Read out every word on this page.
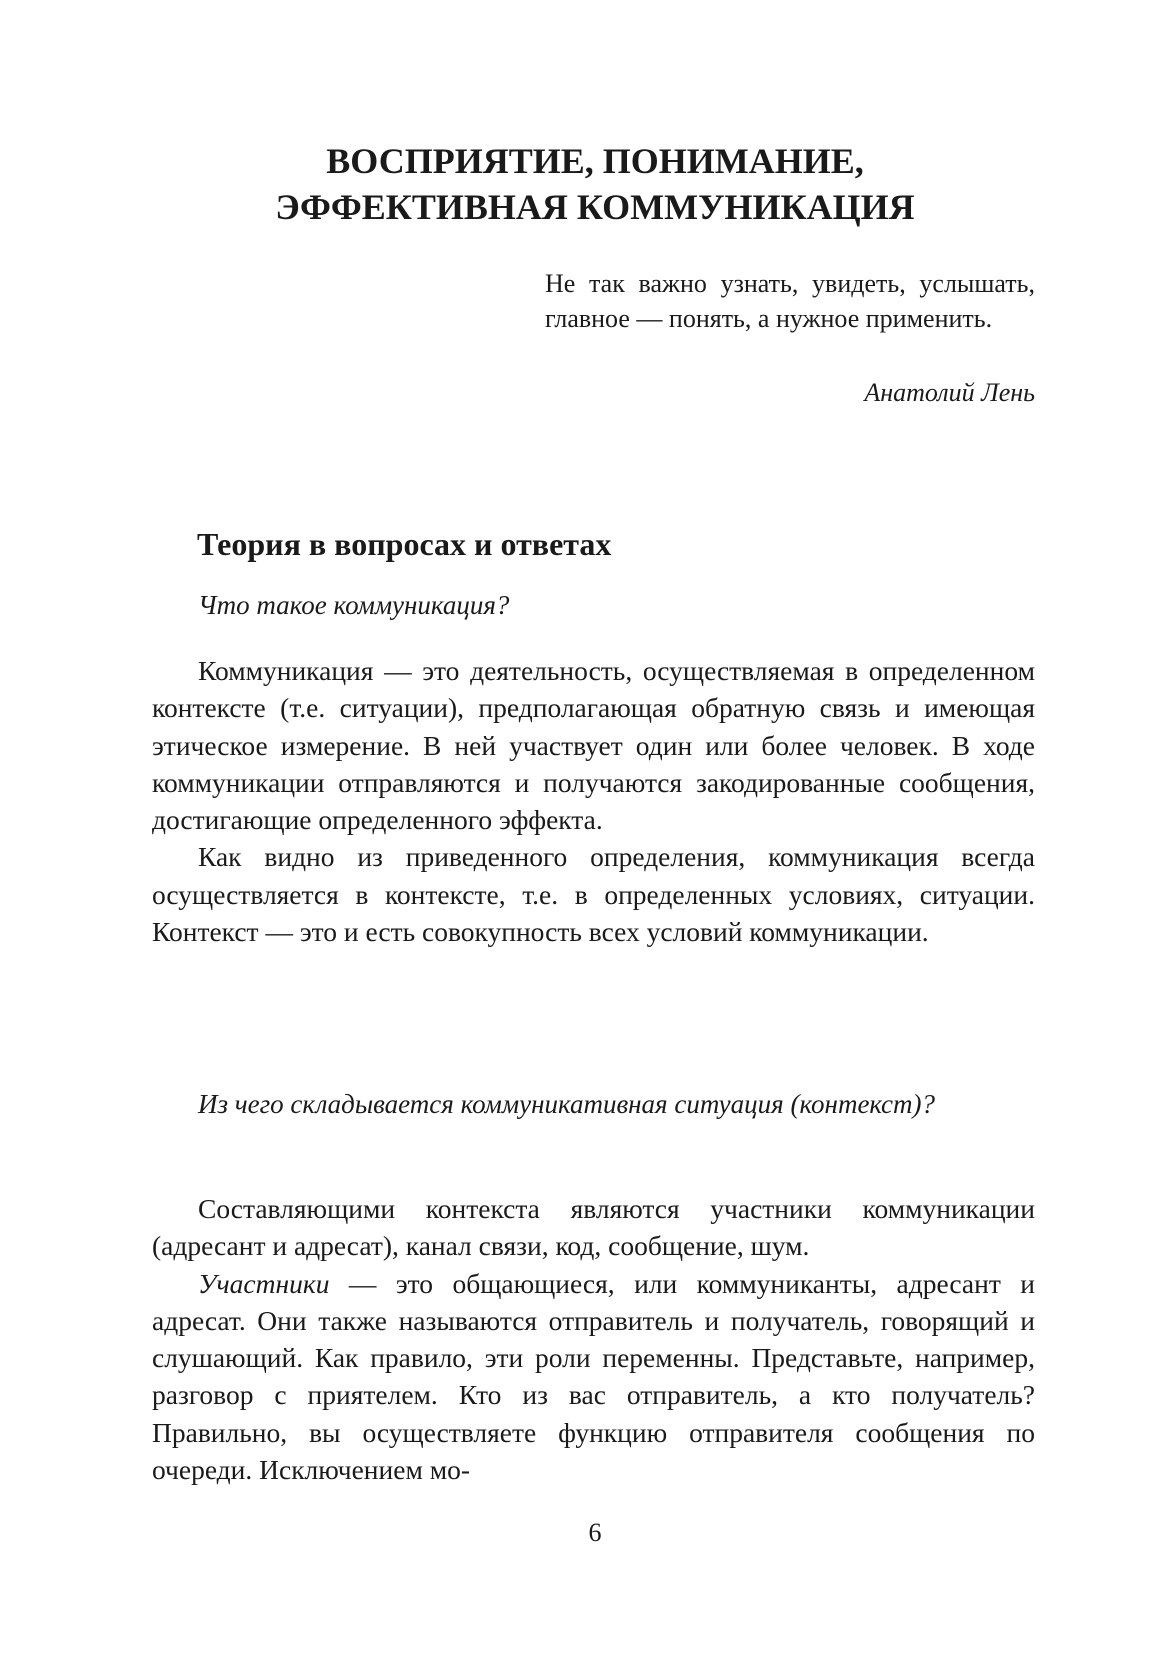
ВОСПРИЯТИЕ, ПОНИМАНИЕ,
ЭФФЕКТИВНАЯ КОММУНИКАЦИЯ

Не так важно узнать, увидеть, услышать, главное — понять, а нужное применить.

Анатолий Лень

Теория в вопросах и ответах

Что такое коммуникация?

Коммуникация — это деятельность, осуществляемая в определенном контексте (т.е. ситуации), предполагающая обратную связь и имеющая этическое измерение. В ней участвует один или более человек. В ходе коммуникации отправляются и получаются закодированные сообщения, достигающие определенного эффекта.

Как видно из приведенного определения, коммуникация всегда осуществляется в контексте, т.е. в определенных условиях, ситуации. Контекст — это и есть совокупность всех условий коммуникации.

Из чего складывается коммуникативная ситуация (контекст)?

Составляющими контекста являются участники коммуникации (адресант и адресат), канал связи, код, сообщение, шум.

Участники — это общающиеся, или коммуниканты, адресант и адресат. Они также называются отправитель и получатель, говорящий и слушающий. Как правило, эти роли переменны. Представьте, например, разговор с приятелем. Кто из вас отправитель, а кто получатель? Правильно, вы осуществляете функцию отправителя сообщения по очереди. Исключением мо-

6
